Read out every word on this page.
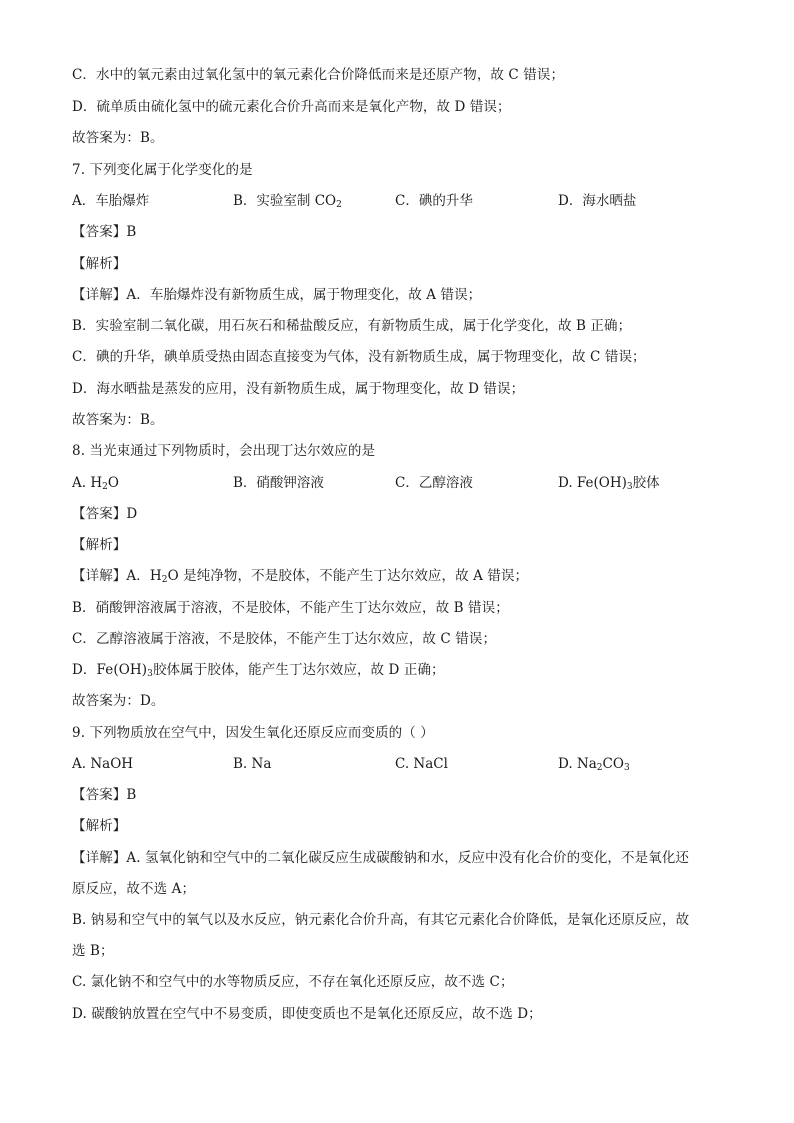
C．水中的氧元素由过氧化氢中的氧元素化合价降低而来是还原产物，故 C 错误；
D．硫单质由硫化氢中的硫元素化合价升高而来是氧化产物，故 D 错误；
故答案为：B。
7. 下列变化属于化学变化的是
A．车胎爆炸	B．实验室制 $CO_2$	C．碘的升华	D．海水晒盐
【答案】B
【解析】
【详解】A．车胎爆炸没有新物质生成，属于物理变化，故 A 错误；
B．实验室制二氧化碳，用石灰石和稀盐酸反应，有新物质生成，属于化学变化，故 B 正确；
C．碘的升华，碘单质受热由固态直接变为气体，没有新物质生成，属于物理变化，故 C 错误；
D．海水晒盐是蒸发的应用，没有新物质生成，属于物理变化，故 D 错误；
故答案为：B。
8. 当光束通过下列物质时，会出现丁达尔效应的是
A. $H_2O$	B．硝酸钾溶液	C．乙醇溶液	D. $Fe(OH)_3$胶体
【答案】D
【解析】
【详解】A．$H_2O$ 是纯净物，不是胶体，不能产生丁达尔效应，故 A 错误；
B．硝酸钾溶液属于溶液，不是胶体，不能产生丁达尔效应，故 B 错误；
C．乙醇溶液属于溶液，不是胶体，不能产生丁达尔效应，故 C 错误；
D．$Fe(OH)_3$胶体属于胶体，能产生丁达尔效应，故 D 正确；
故答案为：D。
9. 下列物质放在空气中，因发生氧化还原反应而变质的（ ）
A. NaOH	B. Na	C. NaCl	D. $Na_2CO_3$
【答案】B
【解析】
【详解】A. 氢氧化钠和空气中的二氧化碳反应生成碳酸钠和水，反应中没有化合价的变化，不是氧化还
原反应，故不选 A；
B. 钠易和空气中的氧气以及水反应，钠元素化合价升高，有其它元素化合价降低，是氧化还原反应，故
选 B；
C. 氯化钠不和空气中的水等物质反应，不存在氧化还原反应，故不选 C；
D. 碳酸钠放置在空气中不易变质，即使变质也不是氧化还原反应，故不选 D；
